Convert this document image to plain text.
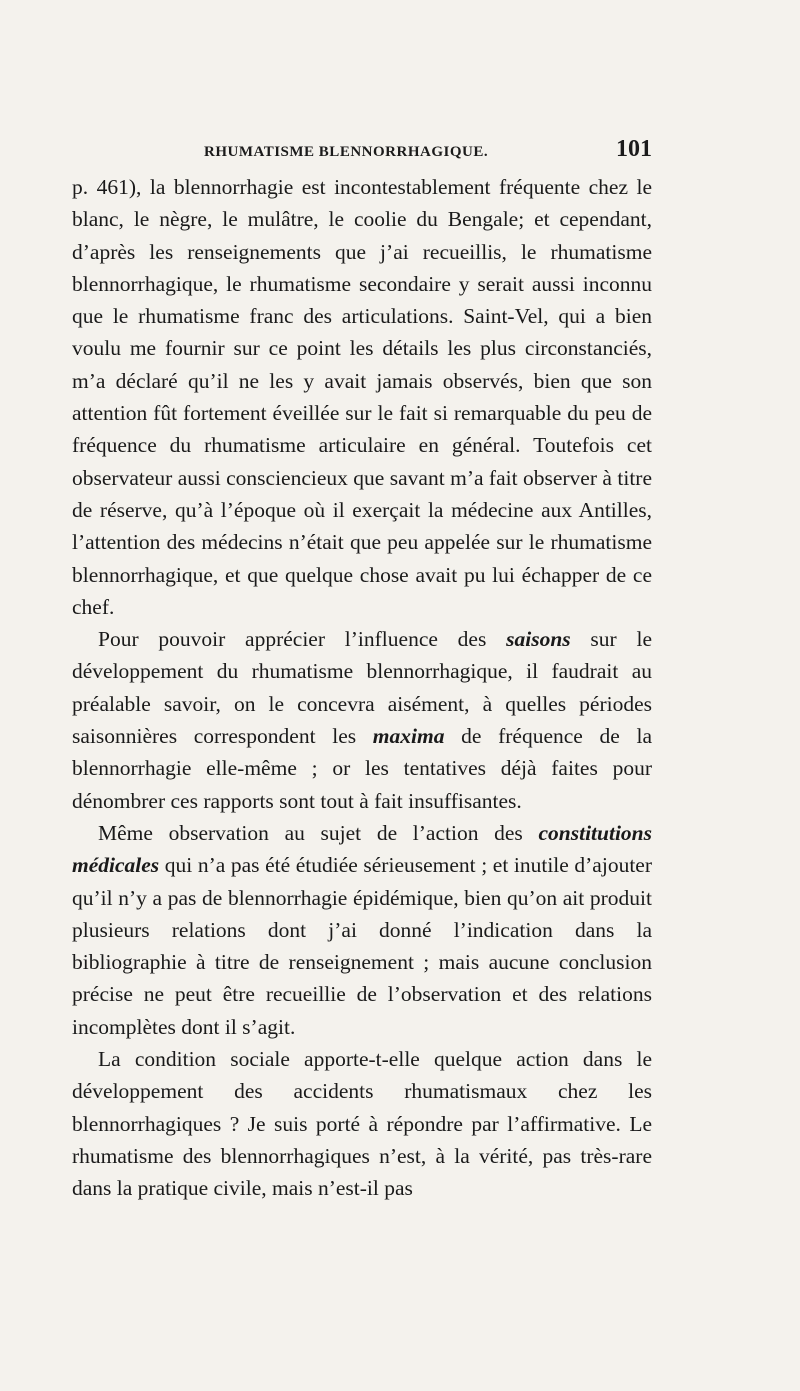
RHUMATISME BLENNORRHAGIQUE.	101

p. 461), la blennorrhagie est incontestablement fréquente chez le blanc, le nègre, le mulâtre, le coolie du Bengale; et cependant, d’après les renseignements que j’ai recueillis, le rhumatisme blennorrhagique, le rhumatisme secondaire y serait aussi inconnu que le rhumatisme franc des articulations. Saint-Vel, qui a bien voulu me fournir sur ce point les détails les plus circonstanciés, m’a déclaré qu’il ne les y avait jamais observés, bien que son attention fût fortement éveillée sur le fait si remarquable du peu de fréquence du rhumatisme articulaire en général. Toutefois cet observateur aussi consciencieux que savant m’a fait observer à titre de réserve, qu’à l’époque où il exerçait la médecine aux Antilles, l’attention des médecins n’était que peu appelée sur le rhumatisme blennorrhagique, et que quelque chose avait pu lui échapper de ce chef.

Pour pouvoir apprécier l’influence des saisons sur le développement du rhumatisme blennorrhagique, il faudrait au préalable savoir, on le concevra aisément, à quelles périodes saisonnières correspondent les maxima de fréquence de la blennorrhagie elle-même ; or les tentatives déjà faites pour dénombrer ces rapports sont tout à fait insuffisantes.

Même observation au sujet de l’action des constitutions médicales qui n’a pas été étudiée sérieusement ; et inutile d’ajouter qu’il n’y a pas de blennorrhagie épidémique, bien qu’on ait produit plusieurs relations dont j’ai donné l’indication dans la bibliographie à titre de renseignement ; mais aucune conclusion précise ne peut être recueillie de l’observation et des relations incomplètes dont il s’agit.

La condition sociale apporte-t-elle quelque action dans le développement des accidents rhumatismaux chez les blennorrhagiques ? Je suis porté à répondre par l’affirmative. Le rhumatisme des blennorrhagiques n’est, à la vérité, pas très-rare dans la pratique civile, mais n’est-il pas
